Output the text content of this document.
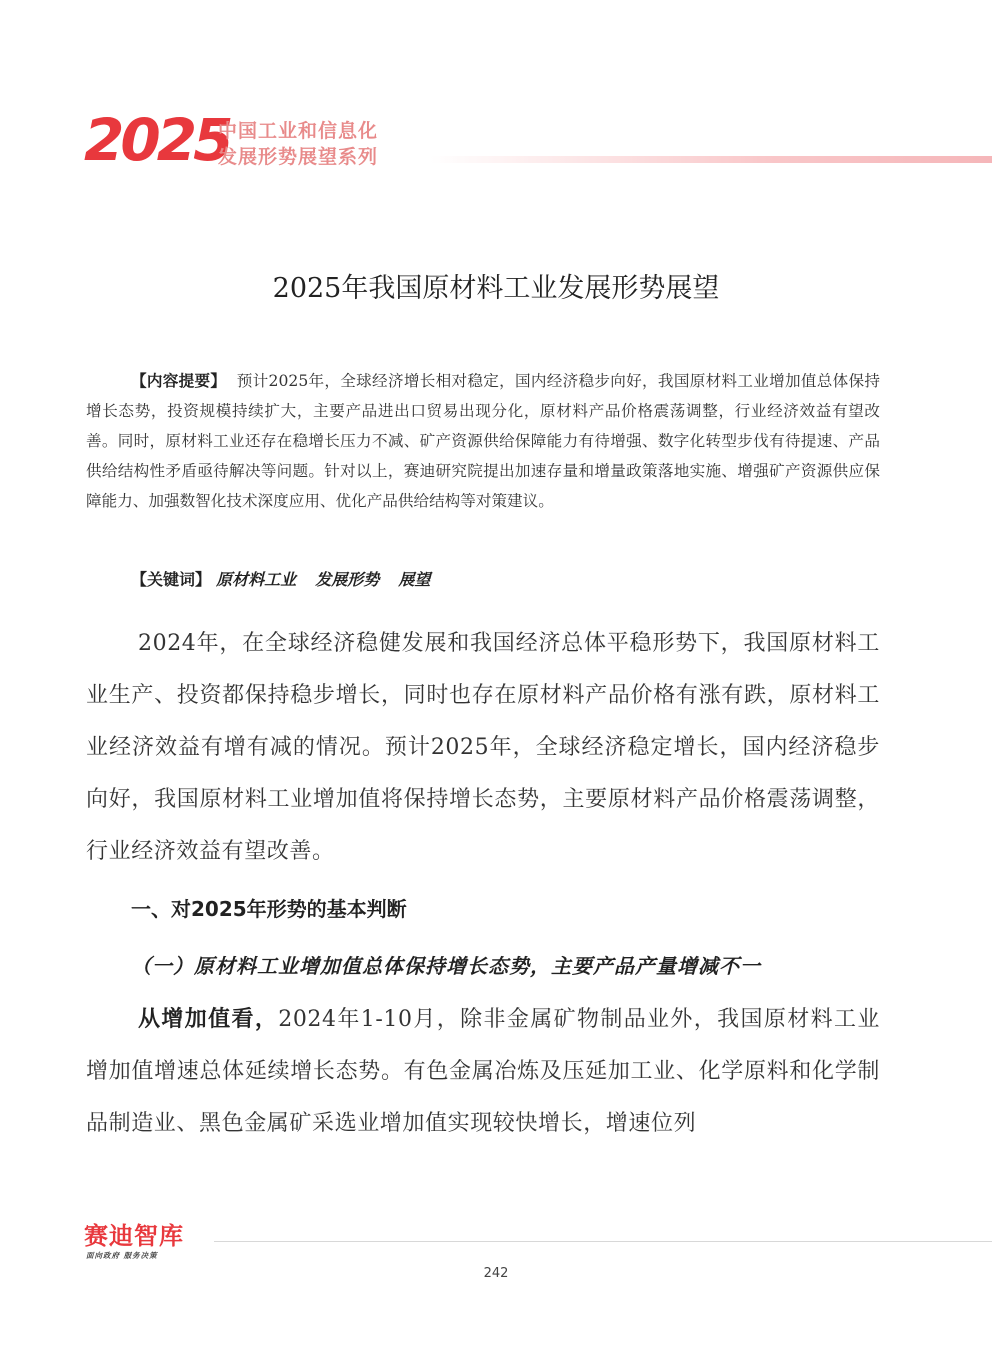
2025
中国工业和信息化
发展形势展望系列
2025年我国原材料工业发展形势展望
【内容提要】 预计2025年，全球经济增长相对稳定，国内经济稳步向好，我国原材料工业增加值总体保持增长态势，投资规模持续扩大，主要产品进出口贸易出现分化，原材料产品价格震荡调整，行业经济效益有望改善。同时，原材料工业还存在稳增长压力不减、矿产资源供给保障能力有待增强、数字化转型步伐有待提速、产品供给结构性矛盾亟待解决等问题。针对以上，赛迪研究院提出加速存量和增量政策落地实施、增强矿产资源供应保障能力、加强数智化技术深度应用、优化产品供给结构等对策建议。
【关键词】 原材料工业 发展形势 展望
2024年，在全球经济稳健发展和我国经济总体平稳形势下，我国原材料工业生产、投资都保持稳步增长，同时也存在原材料产品价格有涨有跌，原材料工业经济效益有增有减的情况。预计2025年，全球经济稳定增长，国内经济稳步向好，我国原材料工业增加值将保持增长态势，主要原材料产品价格震荡调整，行业经济效益有望改善。
一、对2025年形势的基本判断
（一）原材料工业增加值总体保持增长态势，主要产品产量增减不一
从增加值看，2024年1-10月，除非金属矿物制品业外，我国原材料工业增加值增速总体延续增长态势。有色金属冶炼及压延加工业、化学原料和化学制品制造业、黑色金属矿采选业增加值实现较快增长，增速位列
赛迪智库
面向政府 服务决策
242
